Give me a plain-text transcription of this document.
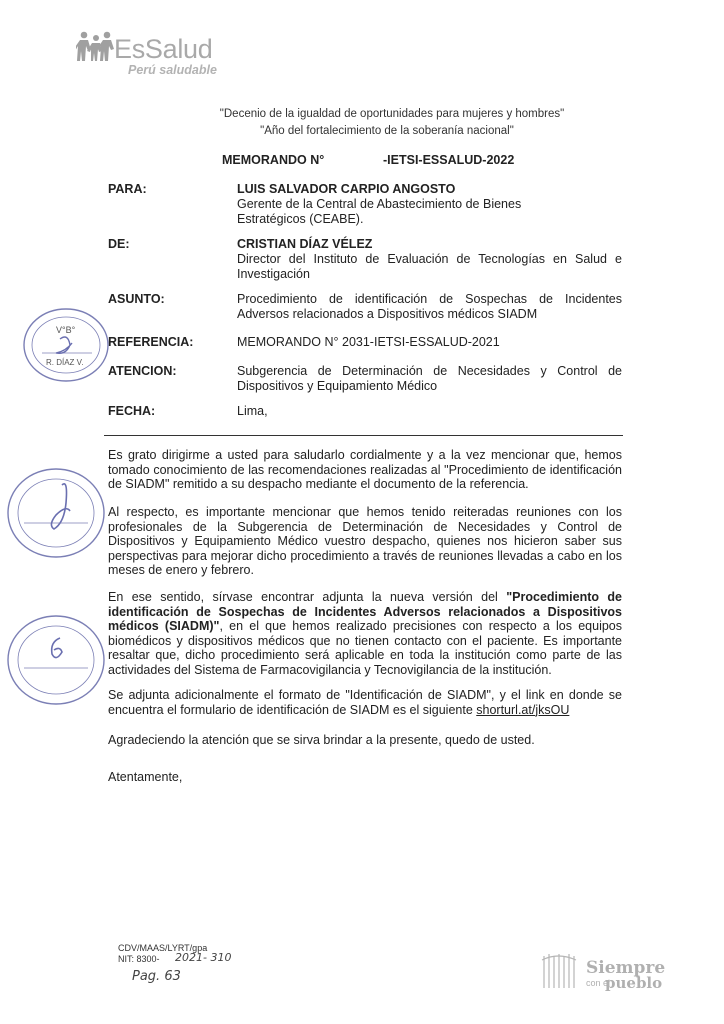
EsSalud
Perú saludable
"Decenio de la igualdad de oportunidades para mujeres y hombres"
"Año del fortalecimiento de la soberanía nacional"
MEMORANDO N°	-IETSI-ESSALUD-2022
PARA:	LUIS SALVADOR CARPIO ANGOSTO
Gerente de la Central de Abastecimiento de Bienes Estratégicos (CEABE).
DE:	CRISTIAN DÍAZ VÉLEZ
Director del Instituto de Evaluación de Tecnologías en Salud e Investigación
ASUNTO:	Procedimiento de identificación de Sospechas de Incidentes Adversos relacionados a Dispositivos médicos SIADM
REFERENCIA:	MEMORANDO N° 2031-IETSI-ESSALUD-2021
ATENCION:	Subgerencia de Determinación de Necesidades y Control de Dispositivos y Equipamiento Médico
FECHA:	Lima,
Es grato dirigirme a usted para saludarlo cordialmente y a la vez mencionar que, hemos tomado conocimiento de las recomendaciones realizadas al "Procedimiento de identificación de SIADM" remitido a su despacho mediante el documento de la referencia.
Al respecto, es importante mencionar que hemos tenido reiteradas reuniones con los profesionales de la Subgerencia de Determinación de Necesidades y Control de Dispositivos y Equipamiento Médico vuestro despacho, quienes nos hicieron saber sus perspectivas para mejorar dicho procedimiento a través de reuniones llevadas a cabo en los meses de enero y febrero.
En ese sentido, sírvase encontrar adjunta la nueva versión del "Procedimiento de identificación de Sospechas de Incidentes Adversos relacionados a Dispositivos médicos (SIADM)", en el que hemos realizado precisiones con respecto a los equipos biomédicos y dispositivos médicos que no tienen contacto con el paciente. Es importante resaltar que, dicho procedimiento será aplicable en toda la institución como parte de las actividades del Sistema de Farmacovigilancia y Tecnovigilancia de la institución.
Se adjunta adicionalmente el formato de "Identificación de SIADM", y el link en donde se encuentra el formulario de identificación de SIADM es el siguiente shorturl.at/jksOU
Agradeciendo la atención que se sirva brindar a la presente, quedo de usted.
Atentamente,
V°B°
R. DÍAZ V.
CDV/MAAS/LYRT/gpa
NIT: 8300- 2021- 310
Pag. 63	Siempre
con el
pueblo
